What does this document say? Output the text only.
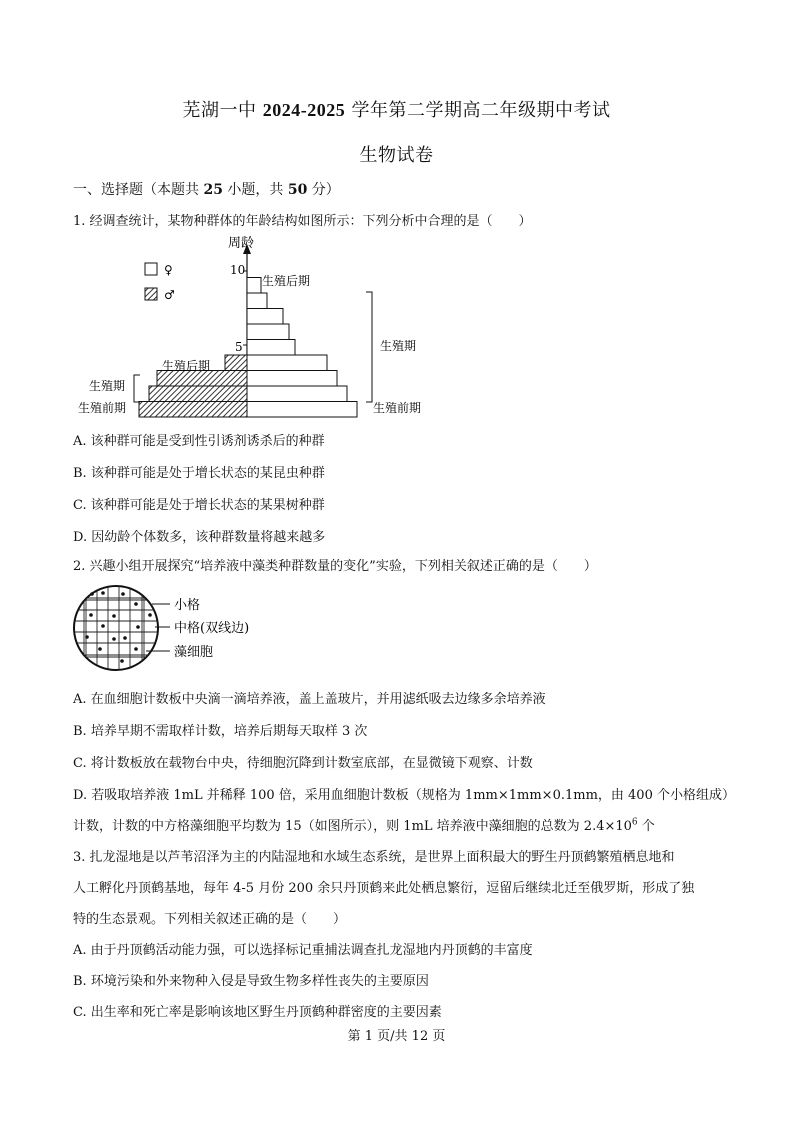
芜湖一中 2024-2025 学年第二学期高二年级期中考试
生物试卷
一、选择题（本题共 25 小题，共 50 分）
1. 经调查统计，某物种群体的年龄结构如图所示：下列分析中合理的是（　　）
周龄
10
5
♀
♂
生殖后期
生殖期
生殖前期
生殖后期
生殖期
生殖前期
A. 该种群可能是受到性引诱剂诱杀后的种群
B. 该种群可能是处于增长状态的某昆虫种群
C. 该种群可能是处于增长状态的某果树种群
D. 因幼龄个体数多，该种群数量将越来越多
2. 兴趣小组开展探究“培养液中藻类种群数量的变化”实验，下列相关叙述正确的是（　　）
小格
中格(双线边)
藻细胞
A. 在血细胞计数板中央滴一滴培养液，盖上盖玻片，并用滤纸吸去边缘多余培养液
B. 培养早期不需取样计数，培养后期每天取样 3 次
C. 将计数板放在载物台中央，待细胞沉降到计数室底部，在显微镜下观察、计数
D. 若吸取培养液 1mL 并稀释 100 倍，采用血细胞计数板（规格为 1mm×1mm×0.1mm，由 400 个小格组成）
计数，计数的中方格藻细胞平均数为 15（如图所示），则 1mL 培养液中藻细胞的总数为 $2.4\times 10^6$ 个
3. 扎龙湿地是以芦苇沼泽为主的内陆湿地和水域生态系统，是世界上面积最大的野生丹顶鹤繁殖栖息地和
人工孵化丹顶鹤基地，每年 4-5 月份 200 余只丹顶鹤来此处栖息繁衍，逗留后继续北迁至俄罗斯，形成了独
特的生态景观。下列相关叙述正确的是（　　）
A. 由于丹顶鹤活动能力强，可以选择标记重捕法调查扎龙湿地内丹顶鹤的丰富度
B. 环境污染和外来物种入侵是导致生物多样性丧失的主要原因
C. 出生率和死亡率是影响该地区野生丹顶鹤种群密度的主要因素
第 1 页/共 12 页
